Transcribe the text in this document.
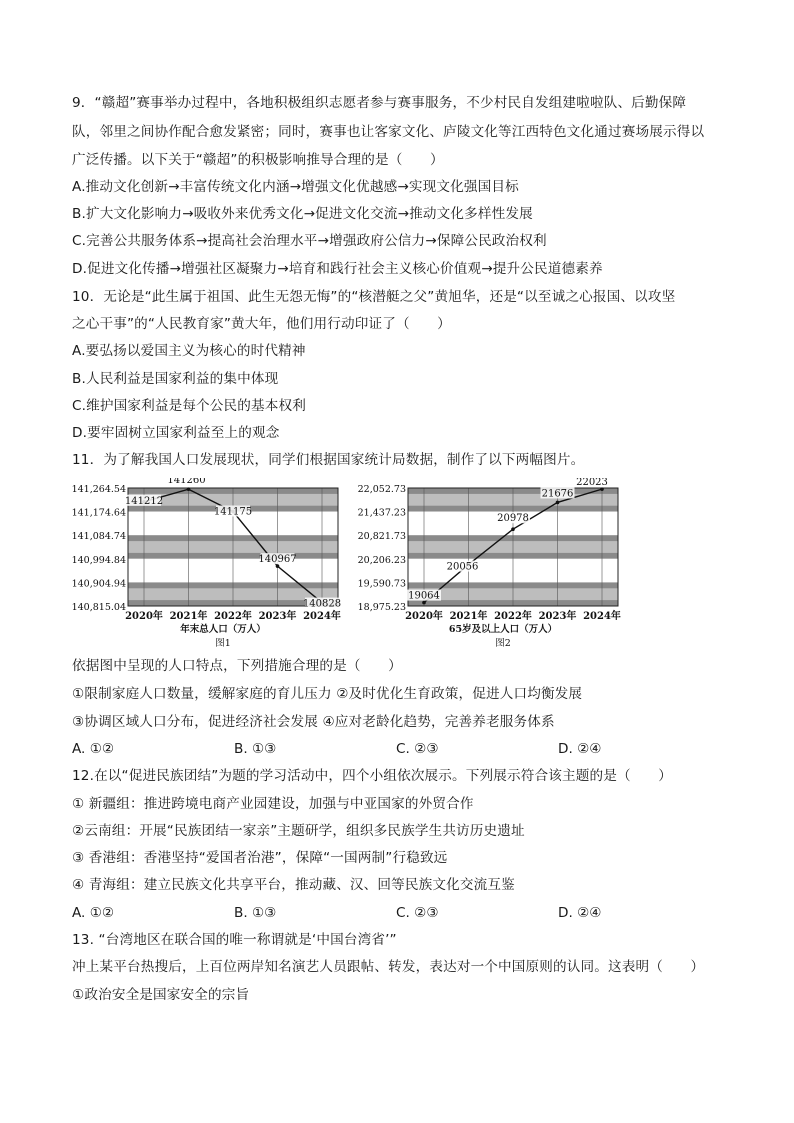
9．“赣超”赛事举办过程中，各地积极组织志愿者参与赛事服务，不少村民自发组建啦啦队、后勤保障
队，邻里之间协作配合愈发紧密；同时，赛事也让客家文化、庐陵文化等江西特色文化通过赛场展示得以
广泛传播。以下关于“赣超”的积极影响推导合理的是（　　）
A.推动文化创新→丰富传统文化内涵→增强文化优越感→实现文化强国目标
B.扩大文化影响力→吸收外来优秀文化→促进文化交流→推动文化多样性发展
C.完善公共服务体系→提高社会治理水平→增强政府公信力→保障公民政治权利
D.促进文化传播→增强社区凝聚力→培育和践行社会主义核心价值观→提升公民道德素养
10．无论是“此生属于祖国、此生无怨无悔”的“核潜艇之父”黄旭华，还是“以至诚之心报国、以攻坚
之心干事”的“人民教育家”黄大年，他们用行动印证了（　　）
A.要弘扬以爱国主义为核心的时代精神
B.人民利益是国家利益的集中体现
C.维护国家利益是每个公民的基本权利
D.要牢固树立国家利益至上的观念
11．为了解我国人口发展现状，同学们根据国家统计局数据，制作了以下两幅图片。
141,264.54
141,174.64
141,084.74
140,994.84
140,904.94
140,815.04
2020年 2021年 2022年 2023年 2024年
141212
141260
141175
140967
140828
年末总人口（万人）
图1
22,052.73
21,437.23
20,821.73
20,206.23
19,590.73
18,975.23
2020年 2021年 2022年 2023年 2024年
19064
20056
20978
21676
22023
65岁及以上人口（万人）
图2
依据图中呈现的人口特点，下列措施合理的是（　　）
①限制家庭人口数量，缓解家庭的育儿压力 ②及时优化生育政策，促进人口均衡发展
③协调区域人口分布，促进经济社会发展 ④应对老龄化趋势，完善养老服务体系
A. ①②	B. ①③	C. ②③	D. ②④
12.在以“促进民族团结”为题的学习活动中，四个小组依次展示。下列展示符合该主题的是（　　）
① 新疆组：推进跨境电商产业园建设，加强与中亚国家的外贸合作
②云南组：开展“民族团结一家亲”主题研学，组织多民族学生共访历史遗址
③ 香港组：香港坚持“爱国者治港”，保障“一国两制”行稳致远
④ 青海组：建立民族文化共享平台，推动藏、汉、回等民族文化交流互鉴
A. ①②	B. ①③	C. ②③	D. ②④
13. “台湾地区在联合国的唯一称谓就是‘中国台湾省’”
冲上某平台热搜后，上百位两岸知名演艺人员跟帖、转发，表达对一个中国原则的认同。这表明（　　）
①政治安全是国家安全的宗旨
